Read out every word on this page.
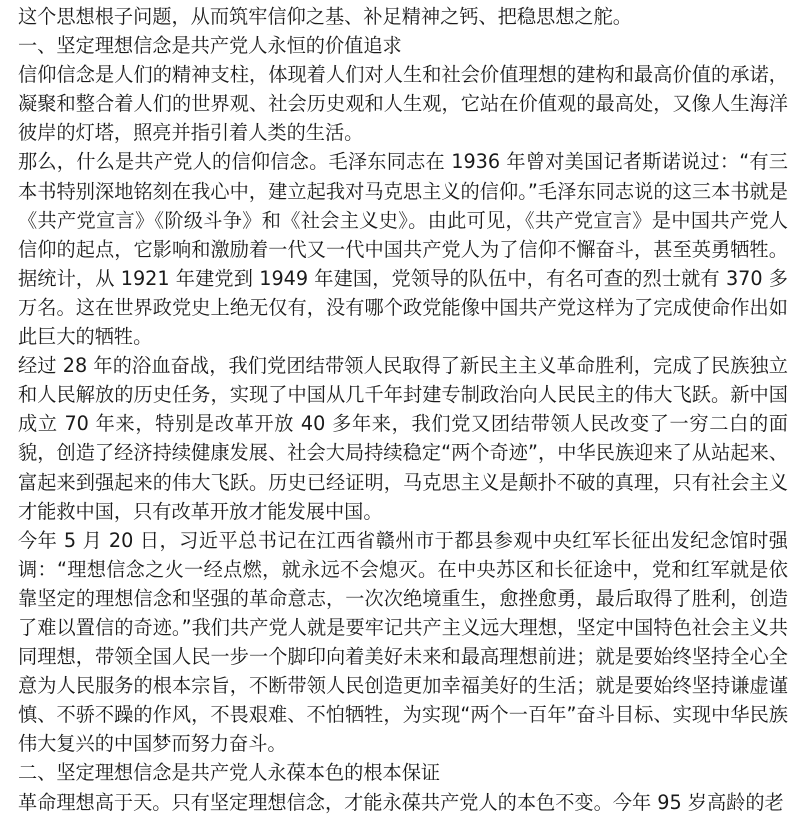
这个思想根子问题，从而筑牢信仰之基、补足精神之钙、把稳思想之舵。

一、坚定理想信念是共产党人永恒的价值追求

信仰信念是人们的精神支柱，体现着人们对人生和社会价值理想的建构和最高价值的承诺，凝聚和整合着人们的世界观、社会历史观和人生观，它站在价值观的最高处，又像人生海洋彼岸的灯塔，照亮并指引着人类的生活。

那么，什么是共产党人的信仰信念。毛泽东同志在 1936 年曾对美国记者斯诺说过：“有三本书特别深地铭刻在我心中，建立起我对马克思主义的信仰。”毛泽东同志说的这三本书就是《共产党宣言》《阶级斗争》和《社会主义史》。由此可见，《共产党宣言》是中国共产党人信仰的起点，它影响和激励着一代又一代中国共产党人为了信仰不懈奋斗，甚至英勇牺牲。据统计，从 1921 年建党到 1949 年建国，党领导的队伍中，有名可查的烈士就有 370 多万名。这在世界政党史上绝无仅有，没有哪个政党能像中国共产党这样为了完成使命作出如此巨大的牺牲。

经过 28 年的浴血奋战，我们党团结带领人民取得了新民主主义革命胜利，完成了民族独立和人民解放的历史任务，实现了中国从几千年封建专制政治向人民民主的伟大飞跃。新中国成立 70 年来，特别是改革开放 40 多年来，我们党又团结带领人民改变了一穷二白的面貌，创造了经济持续健康发展、社会大局持续稳定“两个奇迹”，中华民族迎来了从站起来、富起来到强起来的伟大飞跃。历史已经证明，马克思主义是颠扑不破的真理，只有社会主义才能救中国，只有改革开放才能发展中国。

今年 5 月 20 日，习近平总书记在江西省赣州市于都县参观中央红军长征出发纪念馆时强调：“理想信念之火一经点燃，就永远不会熄灭。在中央苏区和长征途中，党和红军就是依靠坚定的理想信念和坚强的革命意志，一次次绝境重生，愈挫愈勇，最后取得了胜利，创造了难以置信的奇迹。”我们共产党人就是要牢记共产主义远大理想，坚定中国特色社会主义共同理想，带领全国人民一步一个脚印向着美好未来和最高理想前进；就是要始终坚持全心全意为人民服务的根本宗旨，不断带领人民创造更加幸福美好的生活；就是要始终坚持谦虚谨慎、不骄不躁的作风，不畏艰难、不怕牺牲，为实现“两个一百年”奋斗目标、实现中华民族伟大复兴的中国梦而努力奋斗。

二、坚定理想信念是共产党人永葆本色的根本保证

革命理想高于天。只有坚定理想信念，才能永葆共产党人的本色不变。今年 95 岁高龄的老
